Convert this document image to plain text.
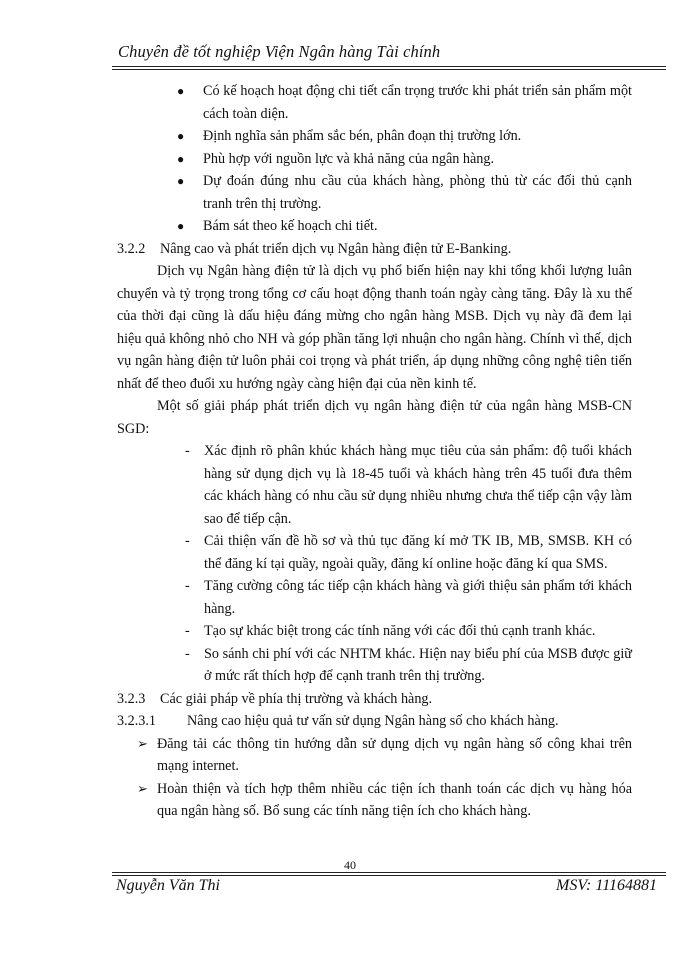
Chuyên đề tốt nghiệp Viện Ngân hàng Tài chính
● Có kế hoạch hoạt động chi tiết cẩn trọng trước khi phát triển sản phẩm một cách toàn diện.
● Định nghĩa sản phẩm sắc bén, phân đoạn thị trường lớn.
● Phù hợp với nguồn lực và khả năng của ngân hàng.
● Dự đoán đúng nhu cầu của khách hàng, phòng thủ từ các đối thủ cạnh tranh trên thị trường.
● Bám sát theo kế hoạch chi tiết.
3.2.2	Nâng cao và phát triển dịch vụ Ngân hàng điện tử E-Banking.

Dịch vụ Ngân hàng điện tử là dịch vụ phổ biến hiện nay khi tổng khối lượng luân chuyển và tỷ trọng trong tổng cơ cấu hoạt động thanh toán ngày càng tăng. Đây là xu thế của thời đại cũng là dấu hiệu đáng mừng cho ngân hàng MSB. Dịch vụ này đã đem lại hiệu quả không nhỏ cho NH và góp phần tăng lợi nhuận cho ngân hàng. Chính vì thế, dịch vụ ngân hàng điện tử luôn phải coi trọng và phát triển, áp dụng những công nghệ tiên tiến nhất để theo đuổi xu hướng ngày càng hiện đại của nền kinh tế.

Một số giải pháp phát triển dịch vụ ngân hàng điện tử của ngân hàng MSB-CN SGD:

- Xác định rõ phân khúc khách hàng mục tiêu của sản phẩm: độ tuổi khách hàng sử dụng dịch vụ là 18-45 tuổi và khách hàng trên 45 tuổi đưa thêm các khách hàng có nhu cầu sử dụng nhiều nhưng chưa thể tiếp cận vậy làm sao để tiếp cận.
- Cải thiện vấn đề hồ sơ và thủ tục đăng kí mở TK IB, MB, SMSB. KH có thể đăng kí tại quầy, ngoài quầy, đăng kí online hoặc đăng kí qua SMS.
- Tăng cường công tác tiếp cận khách hàng và giới thiệu sản phẩm tới khách hàng.
- Tạo sự khác biệt trong các tính năng với các đối thủ cạnh tranh khác.
- So sánh chi phí với các NHTM khác. Hiện nay biểu phí của MSB được giữ ở mức rất thích hợp để cạnh tranh trên thị trường.
3.2.3	Các giải pháp về phía thị trường và khách hàng.
3.2.3.1	Nâng cao hiệu quả tư vấn sử dụng Ngân hàng số cho khách hàng.
➢ Đăng tải các thông tin hướng dẫn sử dụng dịch vụ ngân hàng số công khai trên mạng internet.
➢ Hoàn thiện và tích hợp thêm nhiều các tiện ích thanh toán các dịch vụ hàng hóa qua ngân hàng số. Bổ sung các tính năng tiện ích cho khách hàng.
40
Nguyễn Văn Thi	MSV: 11164881
